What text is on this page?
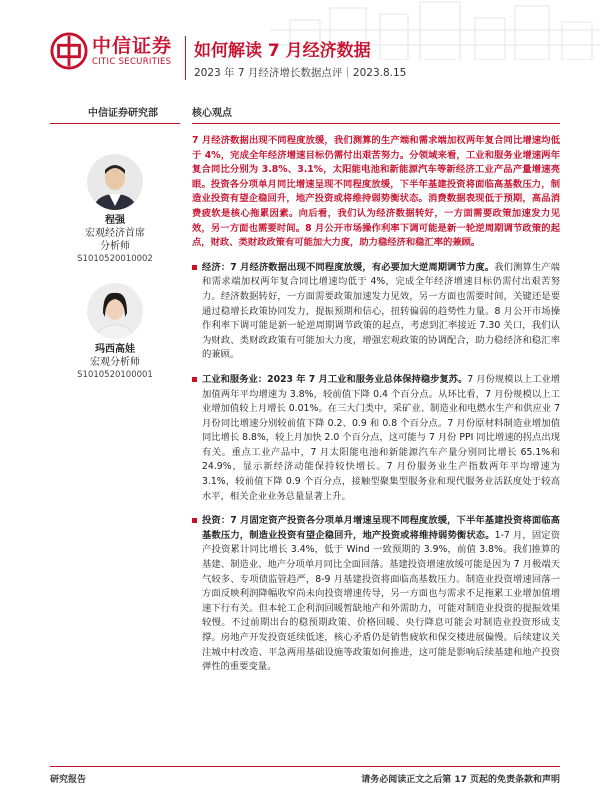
中信证券
CITIC SECURITIES
如何解读 7 月经济数据
2023 年 7 月经济增长数据点评｜2023.8.15
中信证券研究部
程强
宏观经济首席
分析师
S1010520010002
玛西高娃
宏观分析师
S1010520100001
核心观点

7 月经济数据出现不同程度放缓，我们测算的生产端和需求端加权两年复合同比增速均低于 4%，完成全年经济增速目标仍需付出艰苦努力。分领域来看，工业和服务业增速两年复合同比分别为 3.8%、3.1%，太阳能电池和新能源汽车等新经济工业产品产量增速亮眼。投资各分项单月同比增速呈现不同程度放缓，下半年基建投资将面临高基数压力，制造业投资有望企稳回升，地产投资或将维持弱势衡状态。消费数据表现低于预期，高品消费疲软是核心拖累因素。向后看，我们认为经济数据转好，一方面需要政策加速发力见效，另一方面也需要时间。8 月公开市场操作利率下调可能是新一轮逆周期调节政策的起点，财政、类财政政策有可能加大力度，助力稳经济和稳汇率的兼顾。

经济：7 月经济数据出现不同程度放缓，有必要加大逆周期调节力度。我们测算生产端和需求端加权两年复合同比增速均低于 4%，完成全年经济增速目标仍需付出艰苦努力。经济数据转好，一方面需要政策加速发力见效，另一方面也需要时间，关键还是要通过稳增长政策协同发力，提振预期和信心，扭转偏弱的趋势性力量。8 月公开市场操作利率下调可能是新一轮逆周期调节政策的起点，考虑到汇率接近 7.30 关口，我们认为财政、类财政政策有可能加大力度，增强宏观政策的协调配合，助力稳经济和稳汇率的兼顾。
工业和服务业：2023 年 7 月工业和服务业总体保持稳步复苏。7 月份规模以上工业增加值两年平均增速为 3.8%，较前值下降 0.4 个百分点。从环比看，7 月份规模以上工业增加值较上月增长 0.01%。在三大门类中，采矿业、制造业和电燃水生产和供应业 7 月份同比增速分别较前值下降 0.2、0.9 和 0.8 个百分点。7 月份原材料制造业增加值同比增长 8.8%，较上月加快 2.0 个百分点，这可能与 7 月份 PPI 同比增速的拐点出现有关。重点工业产品中，7 月太阳能电池和新能源汽车产量分别同比增长 65.1%和 24.9%，显示新经济动能保持较快增长。7 月份服务业生产指数两年平均增速为 3.1%，较前值下降 0.9 个百分点，接触型聚集型服务业和现代服务业活跃度处于较高水平，相关企业业务总量显著上升。
投资：7 月固定资产投资各分项单月增速呈现不同程度放缓，下半年基建投资将面临高基数压力，制造业投资有望企稳回升，地产投资或将维持弱势衡状态。1-7 月，固定资产投资累计同比增长 3.4%，低于 Wind 一致预期的 3.9%，前值 3.8%。我们推算的基建、制造业、地产分项单月同比全面回落。基建投资增速放缓可能是因为 7 月极端天气较多、专项债监管趋严，8-9 月基建投资将面临高基数压力。制造业投资增速回落一方面反映利润降幅收窄尚未向投资增速传导，另一方面也与需求不足拖累工业增加值增速下行有关。但本轮工企利润回暖暂缺地产和外需助力，可能对制造业投资的提振效果较慢。不过前期出台的稳预期政策、价格回暖、央行降息可能会对制造业投资形成支撑。房地产开发投资延续低迷，核心矛盾仍是销售疲软和保交楼进展偏慢。后续建议关注城中村改造、平急两用基础设施等政策如何推进，这可能是影响后续基建和地产投资弹性的重要变量。
研究报告	请务必阅读正文之后第 17 页起的免责条款和声明
